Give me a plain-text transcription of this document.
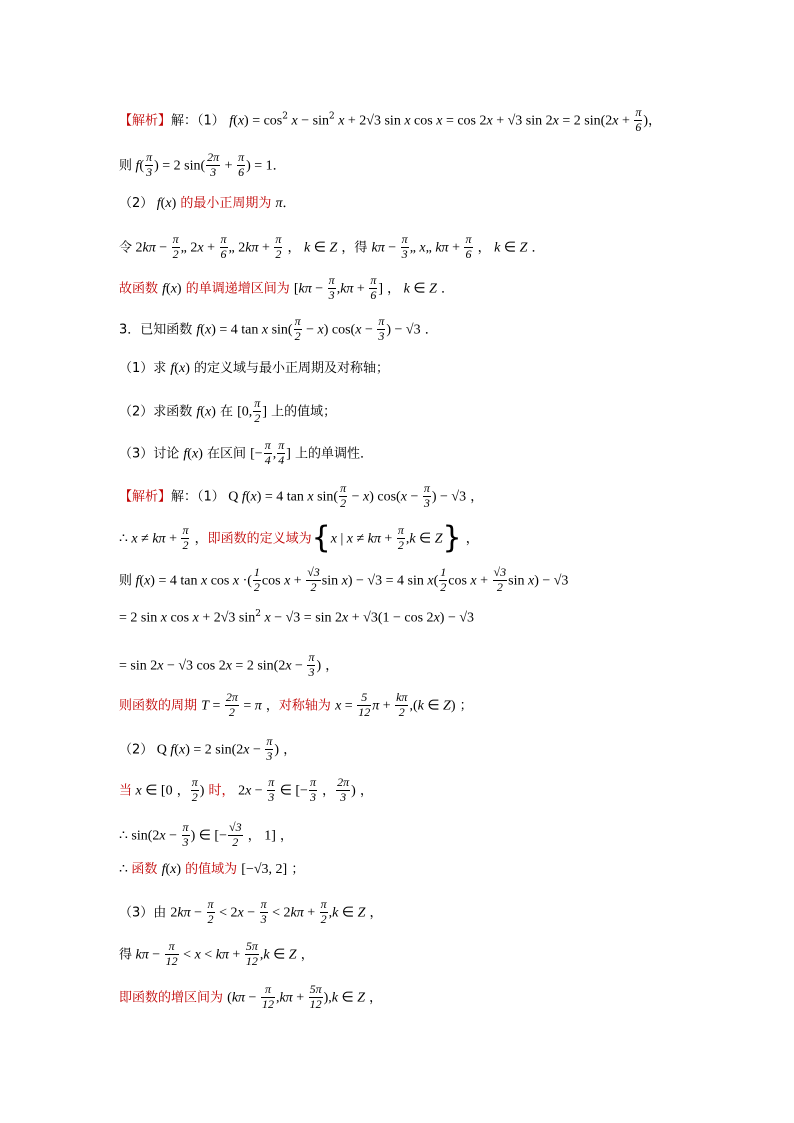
【解析】解：（1） $f(x) = \cos^2 x - \sin^2 x + 2√3$ sin x cos x = cos 2x + √3 sin 2x = 2 $\sin(2x + \frac{\pi}{6}$ )，
则 $f( \frac{\pi}{3}$ ) = 2 $\sin( \frac{2\pi}{3} + \frac{\pi}{6}$ ) = 1．
（2） f(x) 的最小正周期为 π．
令 $2k\pi - \frac{\pi}{2}$ „ $2x + \frac{\pi}{6}$ „ $2k\pi + \frac{\pi}{2}$ ， k ∈ Z ，得 $k\pi - \frac{\pi}{3}$ „ x„ $k\pi + \frac{\pi}{6}$ ， k ∈ Z ．
故函数 f(x) 的单调递增区间为 [$k\pi - \frac{\pi}{3} ,k\pi + \frac{\pi}{6}$ ] ， k ∈ Z ．
3．已知函数 f(x) = 4 tan x $\sin( \frac{\pi}{2} - x)$ $\cos(x - \frac{\pi}{3}$ ) − √3 ．
（1）求 f(x) 的定义域与最小正周期及对称轴；
（2）求函数 f(x) 在 [0, $\frac{\pi}{2}$ ] 上的值域；
（3）讨论 f(x) 在区间 [− $\frac{\pi}{4}$ , $\frac{\pi}{4}$ ] 上的单调性．
【解析】解：（1） Q f(x) = 4 tan x $\sin( \frac{\pi}{2} - x)$ $\cos(x - \frac{\pi}{3}$ ) − √3 ，
∴ $x \ne k\pi + \frac{\pi}{2}$ ，即函数的定义域为{x | $x \ne k\pi + \frac{\pi}{2} ,k$ ∈ Z} ，
则 f(x) = 4 tan x cos x ·( $\frac{1}{2}$ $\cos x + \frac{√3}{2}$ sin x) − √3 = 4 $\sin x( \frac{1}{2}$ $\cos x + \frac{√3}{2}$ sin x) − √3
= 2 sin x cos x + 2√3 $\sin^2 x - √3 = \sin 2x + √3(1 - \cos 2x) - √3$
= sin 2x − √3 cos 2x = 2 $\sin(2x - \frac{\pi}{3}$ ) ，
则函数的周期 $T = \frac{2\pi}{2} = \pi$ ，对称轴为 $x = \frac{5}{12}$ $\pi + \frac{k\pi}{2} ,(k$ ∈ Z) ；
（2） Q f(x) = 2 $\sin(2x - \frac{\pi}{3}$ ) ，
当 x ∈ [0 ， $\frac{\pi}{2}$ ) 时， $2x - \frac{\pi}{3}$ ∈ [− $\frac{\pi}{3}$ ， $\frac{2\pi}{3}$ ) ，
∴ $\sin(2x - \frac{\pi}{3}$ ) ∈ [− $\frac{√3}{2}$ ， 1] ，
∴ 函数 f(x) 的值域为 [−√3, 2] ；
（3）由 $2k\pi - \frac{\pi}{2} < 2x - \frac{\pi}{3} < 2k\pi + \frac{\pi}{2} ,k$ ∈ Z ，
得 $k\pi - \frac{\pi}{12} < x < k\pi + \frac{5\pi}{12} ,k$ ∈ Z ，
即函数的增区间为 $(k\pi - \frac{\pi}{12} ,k\pi + \frac{5\pi}{12} ),k$ ∈ Z ，
